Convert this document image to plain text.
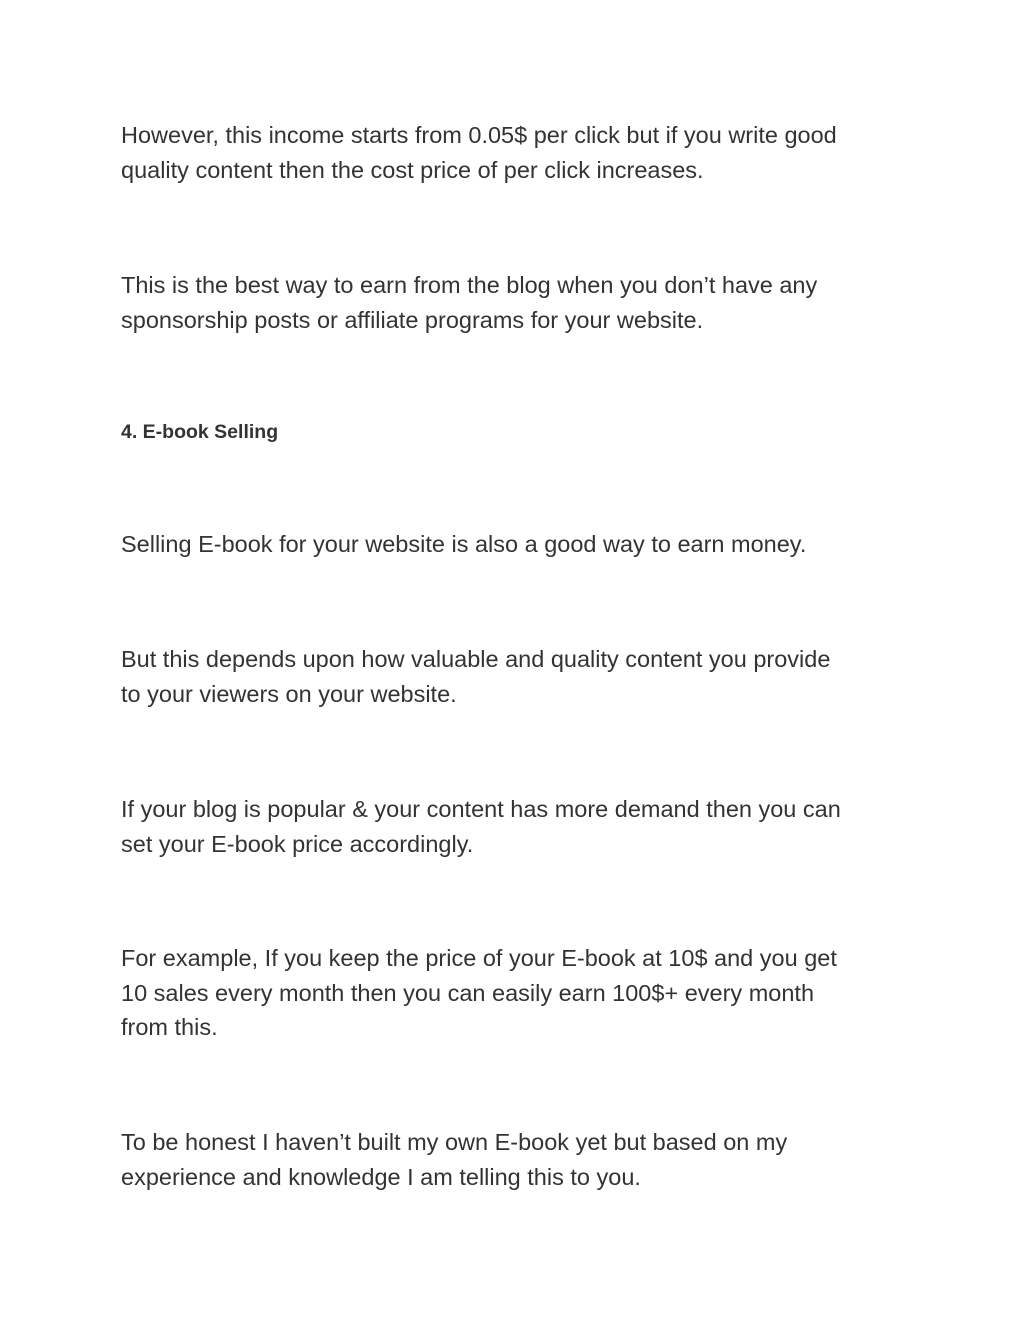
However, this income starts from 0.05$ per click but if you write good
quality content then the cost price of per click increases.

This is the best way to earn from the blog when you don’t have any
sponsorship posts or affiliate programs for your website.

4. E-book Selling

Selling E-book for your website is also a good way to earn money.

But this depends upon how valuable and quality content you provide
to your viewers on your website.

If your blog is popular & your content has more demand then you can
set your E-book price accordingly.

For example, If you keep the price of your E-book at 10$ and you get
10 sales every month then you can easily earn 100$+ every month
from this.

To be honest I haven’t built my own E-book yet but based on my
experience and knowledge I am telling this to you.
